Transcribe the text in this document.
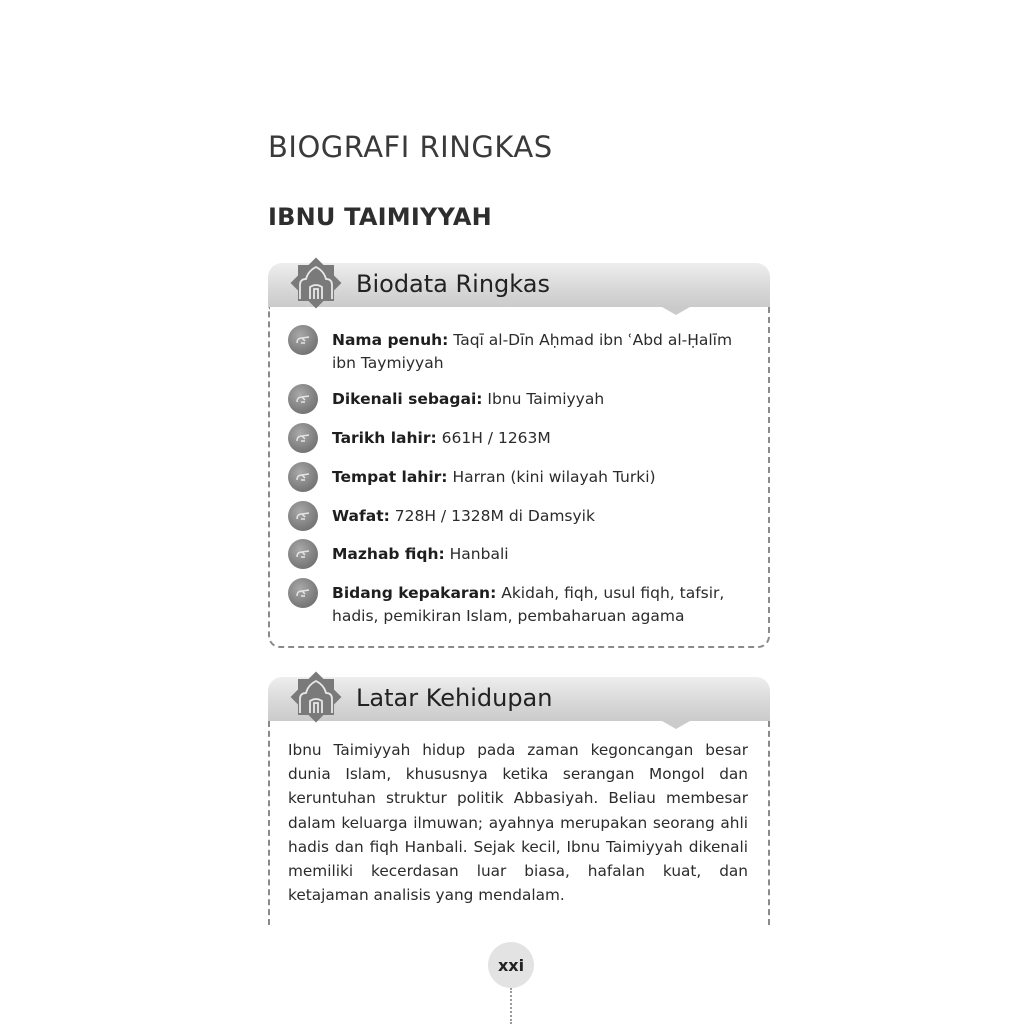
BIOGRAFI RINGKAS
IBNU TAIMIYYAH
Biodata Ringkas
Nama penuh: Taqī al-Dīn Aḥmad ibn ʿAbd al-Ḥalīm ibn Taymiyyah
Dikenali sebagai: Ibnu Taimiyyah
Tarikh lahir: 661H / 1263M
Tempat lahir: Harran (kini wilayah Turki)
Wafat: 728H / 1328M di Damsyik
Mazhab fiqh: Hanbali
Bidang kepakaran: Akidah, fiqh, usul fiqh, tafsir, hadis, pemikiran Islam, pembaharuan agama
Latar Kehidupan

Ibnu Taimiyyah hidup pada zaman kegoncangan besar dunia Islam, khususnya ketika serangan Mongol dan keruntuhan struktur politik Abbasiyah. Beliau membesar dalam keluarga ilmuwan; ayahnya merupakan seorang ahli hadis dan fiqh Hanbali. Sejak kecil, Ibnu Taimiyyah dikenali memiliki kecerdasan luar biasa, hafalan kuat, dan ketajaman analisis yang mendalam.

xxi
